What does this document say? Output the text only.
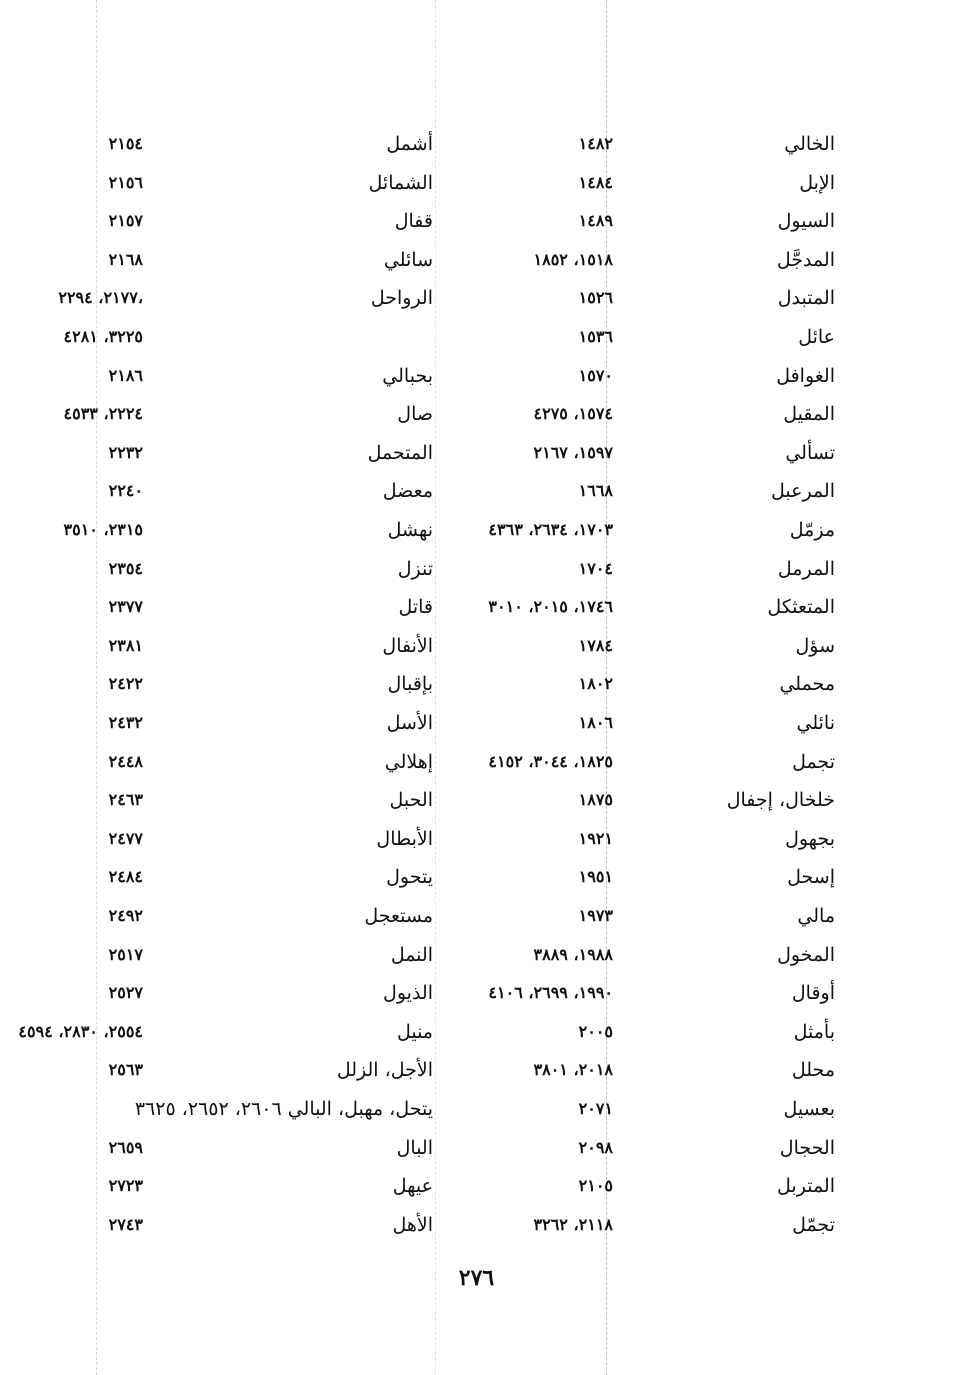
الخالي
١٤٨٢
أشمل
٢١٥٤
الإبل
١٤٨٤
الشمائل
٢١٥٦
السيول
١٤٨٩
قفال
٢١٥٧
المدجَّل
١٥١٨، ١٨٥٢
سائلي
٢١٦٨
المتبدل
١٥٢٦
الرواحل
٢١٧٧، ٢٢٩٤،
عائل
١٥٣٦
٣٢٢٥، ٤٢٨١
الغوافل
١٥٧٠
بحبالي
٢١٨٦
المقيل
١٥٧٤، ٤٢٧٥
صال
٢٢٢٤، ٤٥٣٣
تسألي
١٥٩٧، ٢١٦٧
المتحمل
٢٢٣٢
المرعبل
١٦٦٨
معضل
٢٢٤٠
مزمّل
١٧٠٣، ٢٦٣٤، ٤٣٦٣
نهشل
٢٣١٥، ٣٥١٠
المرمل
١٧٠٤
تنزل
٢٣٥٤
المتعثكل
١٧٤٦، ٢٠١٥، ٣٠١٠
قاتل
٢٣٧٧
سؤل
١٧٨٤
الأنفال
٢٣٨١
محملي
١٨٠٢
بإقبال
٢٤٢٢
نائلي
١٨٠٦
الأسل
٢٤٣٢
تجمل
١٨٢٥، ٣٠٤٤، ٤١٥٢
إهلالي
٢٤٤٨
خلخال، إجفال
١٨٧٥
الحبل
٢٤٦٣
بجهول
١٩٢١
الأبطال
٢٤٧٧
إسحل
١٩٥١
يتحول
٢٤٨٤
مالي
١٩٧٣
مستعجل
٢٤٩٢
المخول
١٩٨٨، ٣٨٨٩
النمل
٢٥١٧
أوقال
١٩٩٠، ٢٦٩٩، ٤١٠٦
الذيول
٢٥٢٧
بأمثل
٢٠٠٥
منيل
٢٥٥٤، ٢٨٣٠، ٤٥٩٤
محلل
٢٠١٨، ٣٨٠١
الأجل، الزلل
٢٥٦٣
بعسيل
٢٠٧١
يتحل، مهبل، البالي ٢٦٠٦، ٢٦٥٢، ٣٦٢٥
الحجال
٢٠٩٨
البال
٢٦٥٩
المتربل
٢١٠٥
عيهل
٢٧٢٣
تجمّل
٢١١٨، ٣٢٦٢
الأهل
٢٧٤٣
٢٧٦
